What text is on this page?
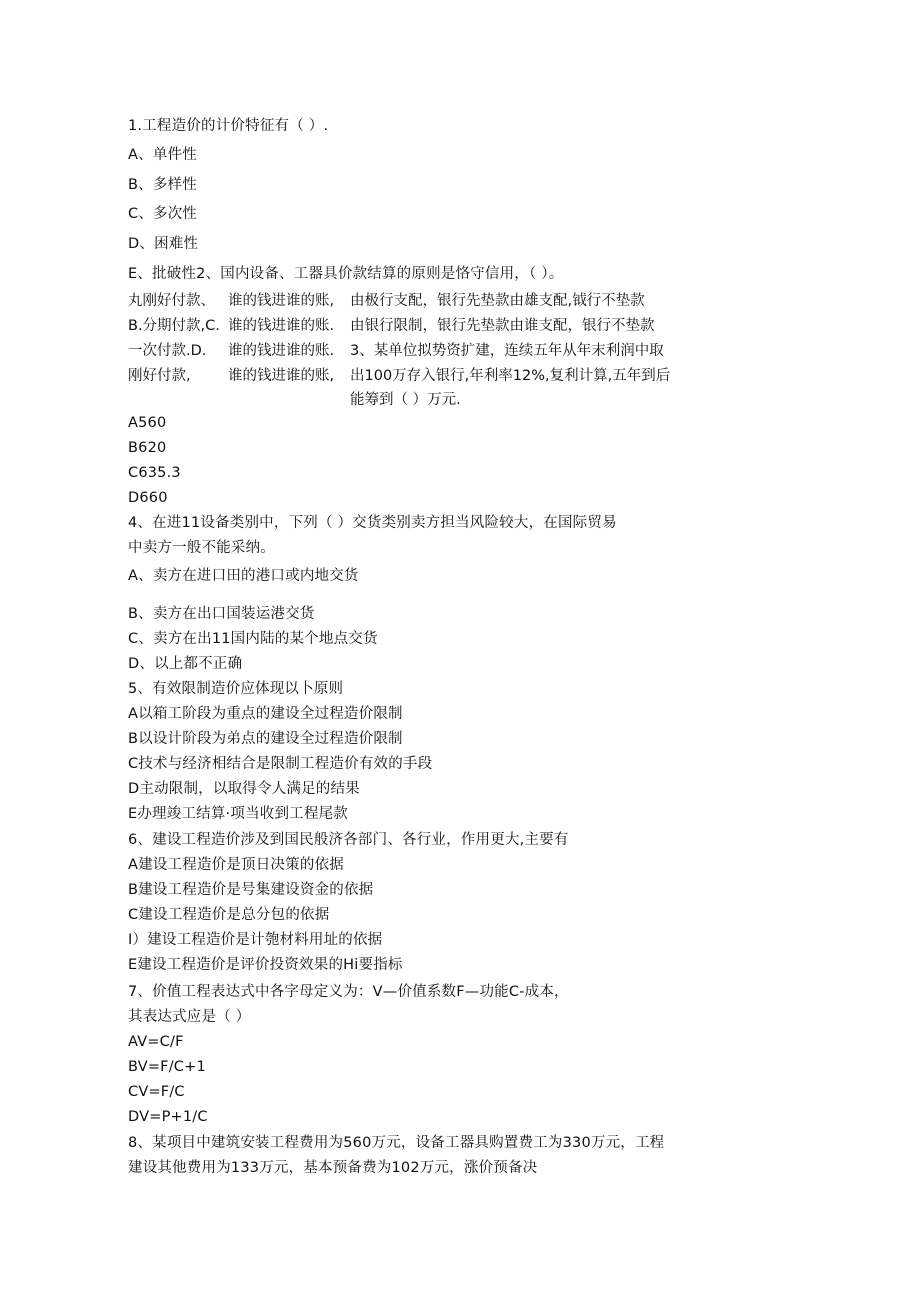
1.工程造价的计价特征有（ ）.
A、单件性
B、多样性
C、多次性
D、困难性
E、批破性2、国内设备、工器具价款结算的原则是恪守信用，（ ）。
丸刚好付款、
B.分期付款,C.
一次付款.D.
刚好付款,
谁的钱进谁的账,
谁的钱进谁的账.
谁的钱进谁的账.
谁的钱进谁的账,
由极行支配，银行先垫款由雄支配,钺行不垫款
由银行限制，银行先垫款由谁支配，银行不垫款
3、某单位拟势资扩建，连续五年从年末利润中取
出100万存入银行,年利率12%,复利计算,五年到后
能筹到（ ）万元.
A560
B620
C635.3
D660
4、在进11设备类别中，下列（ ）交货类别卖方担当风险较大，在国际贸易
中卖方一般不能采纳。
A、卖方在进口田的港口或内地交货
B、卖方在出口国装运港交货
C、卖方在出11国内陆的某个地点交货
D、以上都不正确
5、有效限制造价应体现以卜原则
A以箱工阶段为重点的建设全过程造价限制
B以设计阶段为弟点的建设全过程造价限制
C技术与经济相结合是限制工程造价有效的手段
D主动限制，以取得令人满足的结果
E办理竣工结算·项当收到工程尾款
6、建设工程造价涉及到国民般济各部门、各行业，作用更大,主要有
A建设工程造价是顶日决策的依据
B建设工程造价是号集建设资金的依据
C建设工程造价是总分包的依据
I）建设工程造价是计匏材料用址的依据
E建设工程造价是评价投资效果的Hi要指标
7、价值工程表达式中各字母定义为：V—价值系数F—功能C-成本，
其表达式应是（ ）
AV=C/F
BV=F/C+1
CV=F/C
DV=P+1/C
8、某项目中建筑安装工程费用为560万元，设备工器具购置费工为330万元，工程
建设其他费用为133万元，基本预备费为102万元，涨价预备决
